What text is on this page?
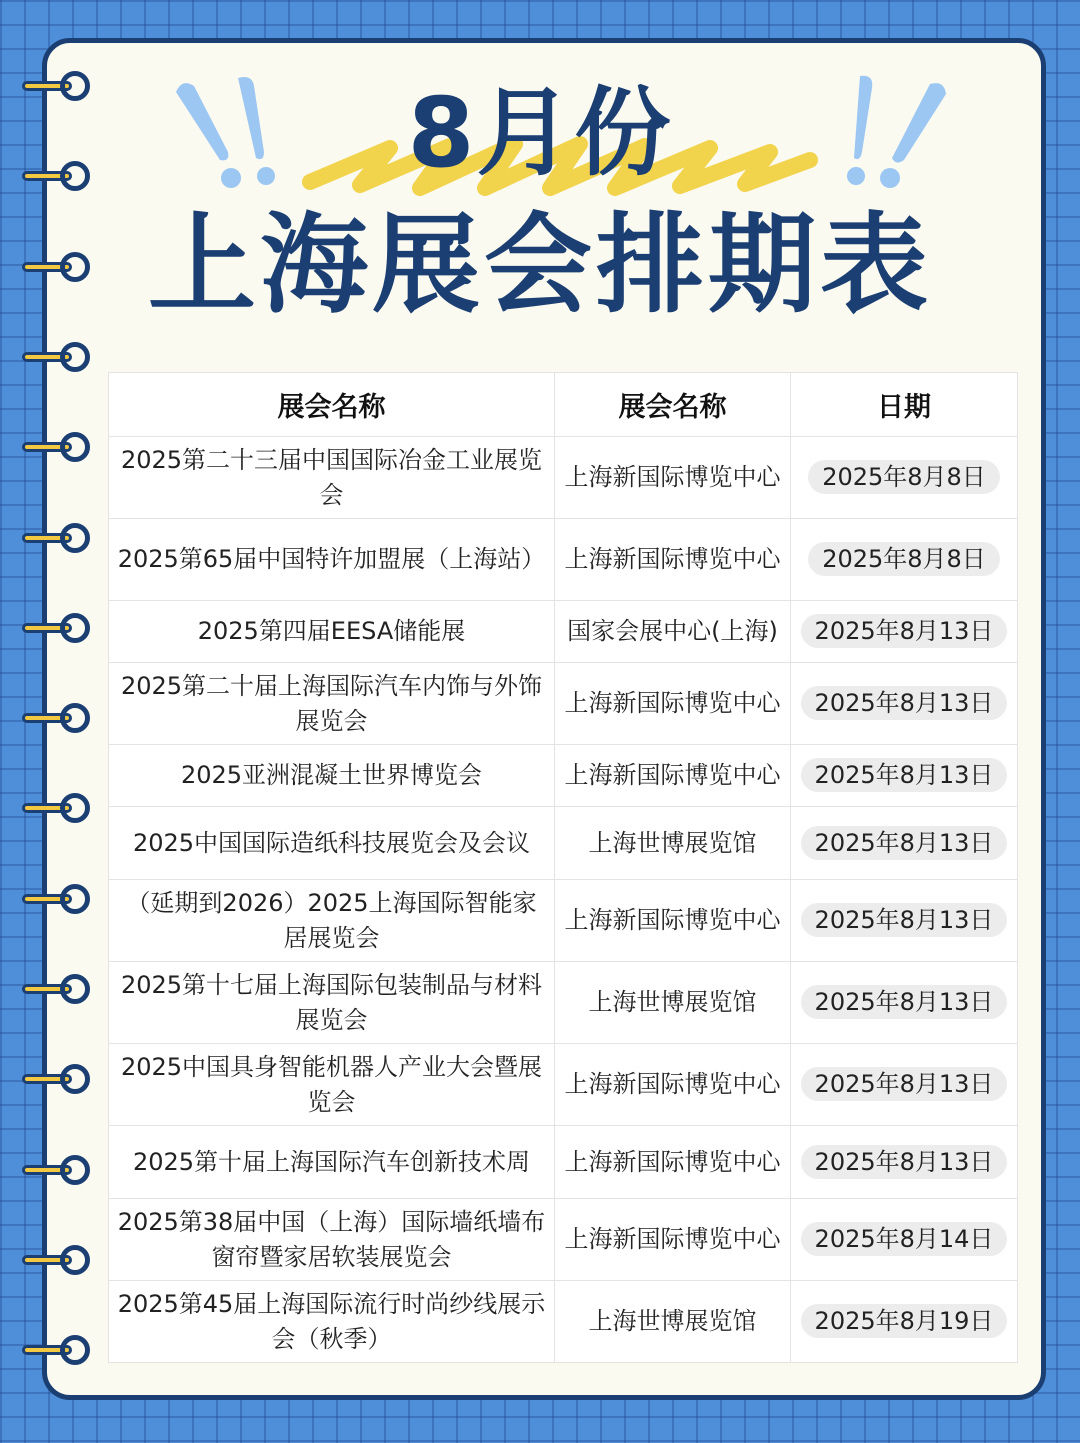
8月份
上海展会排期表
展会名称	展会名称	日期
2025第二十三届中国国际冶金工业展览会	上海新国际博览中心	2025年8月8日
2025第65届中国特许加盟展（上海站）	上海新国际博览中心	2025年8月8日
2025第四届EESA储能展	国家会展中心(上海)	2025年8月13日
2025第二十届上海国际汽车内饰与外饰展览会	上海新国际博览中心	2025年8月13日
2025亚洲混凝土世界博览会	上海新国际博览中心	2025年8月13日
2025中国国际造纸科技展览会及会议	上海世博展览馆	2025年8月13日
（延期到2026）2025上海国际智能家居展览会	上海新国际博览中心	2025年8月13日
2025第十七届上海国际包装制品与材料展览会	上海世博展览馆	2025年8月13日
2025中国具身智能机器人产业大会暨展览会	上海新国际博览中心	2025年8月13日
2025第十届上海国际汽车创新技术周	上海新国际博览中心	2025年8月13日
2025第38届中国（上海）国际墙纸墙布窗帘暨家居软装展览会	上海新国际博览中心	2025年8月14日
2025第45届上海国际流行时尚纱线展示会（秋季）	上海世博展览馆	2025年8月19日
